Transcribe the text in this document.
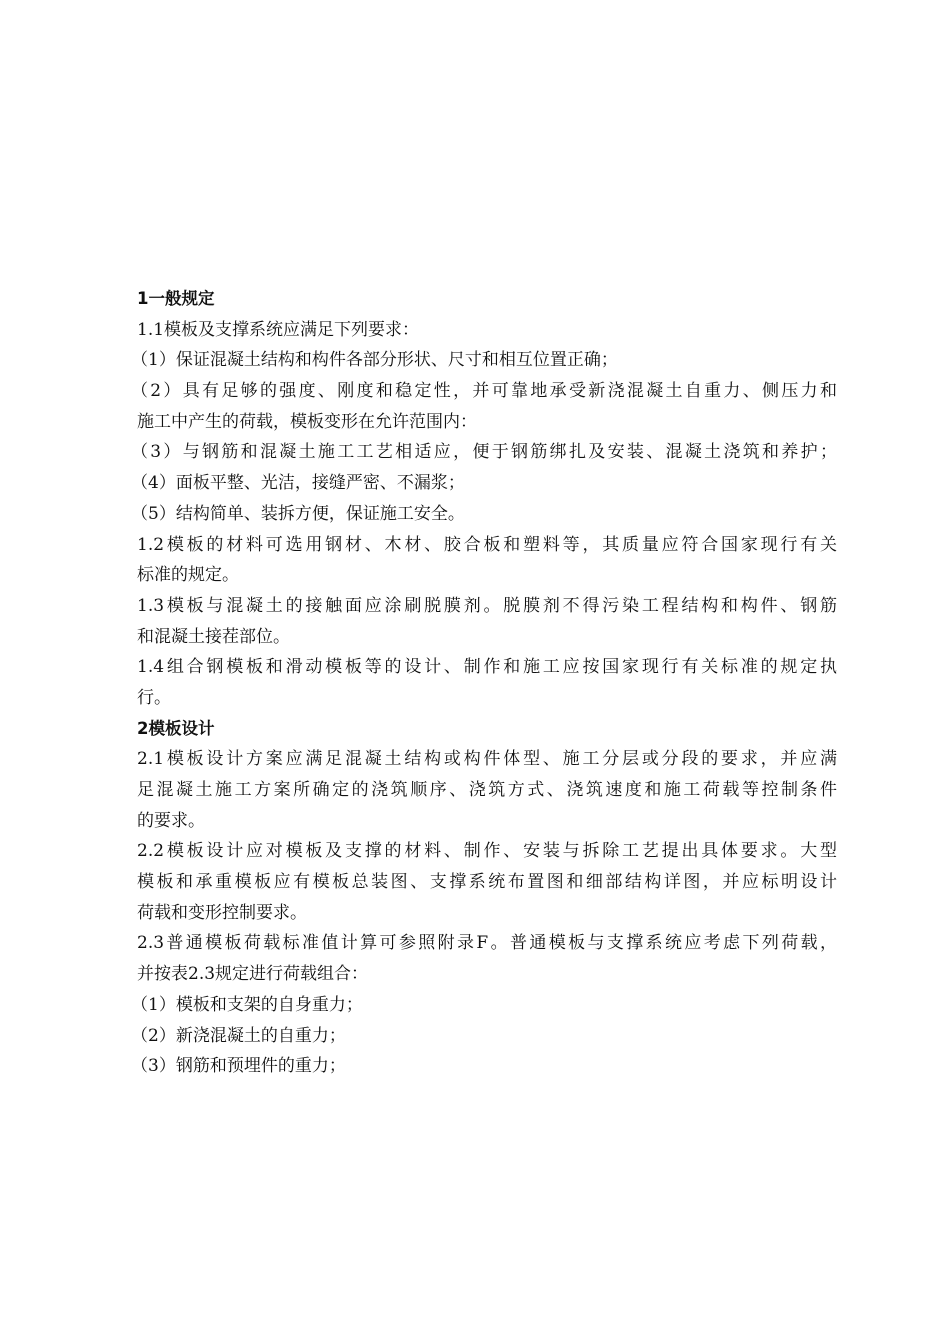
1一般规定
1.1模板及支撑系统应满足下列要求：
（1）保证混凝土结构和构件各部分形状、尺寸和相互位置正确；
（2）具有足够的强度、刚度和稳定性，并可靠地承受新浇混凝土自重力、侧压力和
施工中产生的荷载，模板变形在允许范围内：
（3）与钢筋和混凝土施工工艺相适应，便于钢筋绑扎及安装、混凝土浇筑和养护；
（4）面板平整、光洁，接缝严密、不漏浆；
（5）结构简单、装拆方便，保证施工安全。
1.2模板的材料可选用钢材、木材、胶合板和塑料等，其质量应符合国家现行有关
标准的规定。
1.3模板与混凝土的接触面应涂刷脱膜剂。脱膜剂不得污染工程结构和构件、钢筋
和混凝土接茬部位。
1.4组合钢模板和滑动模板等的设计、制作和施工应按国家现行有关标准的规定执
行。
2模板设计
2.1模板设计方案应满足混凝土结构或构件体型、施工分层或分段的要求，并应满
足混凝土施工方案所确定的浇筑顺序、浇筑方式、浇筑速度和施工荷载等控制条件
的要求。
2.2模板设计应对模板及支撑的材料、制作、安装与拆除工艺提出具体要求。大型
模板和承重模板应有模板总装图、支撑系统布置图和细部结构详图，并应标明设计
荷载和变形控制要求。
2.3普通模板荷载标准值计算可参照附录F。普通模板与支撑系统应考虑下列荷载，
并按表2.3规定进行荷载组合：
（1）模板和支架的自身重力；
（2）新浇混凝土的自重力；
（3）钢筋和预埋件的重力；
